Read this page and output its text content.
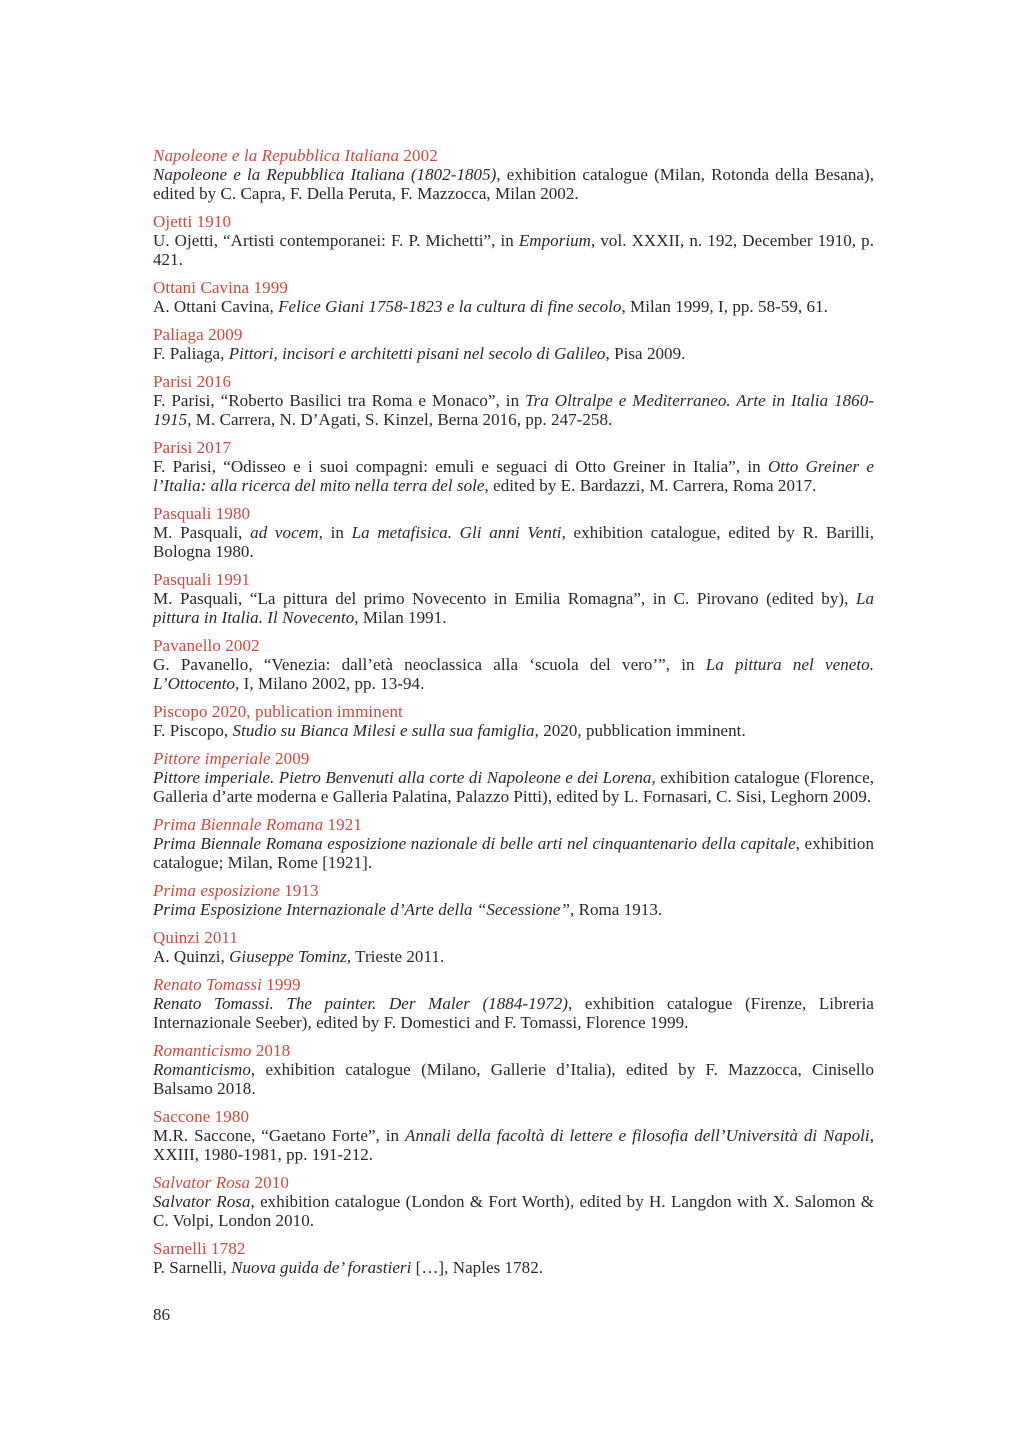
Napoleone e la Repubblica Italiana 2002

Napoleone e la Repubblica Italiana (1802-1805), exhibition catalogue (Milan, Rotonda della Besana), edited by C. Capra, F. Della Peruta, F. Mazzocca, Milan 2002.

Ojetti 1910

U. Ojetti, “Artisti contemporanei: F. P. Michetti”, in Emporium, vol. XXXII, n. 192, December 1910, p. 421.

Ottani Cavina 1999

A. Ottani Cavina, Felice Giani 1758-1823 e la cultura di fine secolo, Milan 1999, I, pp. 58-59, 61.

Paliaga 2009

F. Paliaga, Pittori, incisori e architetti pisani nel secolo di Galileo, Pisa 2009.

Parisi 2016

F. Parisi, “Roberto Basilici tra Roma e Monaco”, in Tra Oltralpe e Mediterraneo. Arte in Italia 1860-1915, M. Carrera, N. D’Agati, S. Kinzel, Berna 2016, pp. 247-258.

Parisi 2017

F. Parisi, “Odisseo e i suoi compagni: emuli e seguaci di Otto Greiner in Italia”, in Otto Greiner e l’Italia: alla ricerca del mito nella terra del sole, edited by E. Bardazzi, M. Carrera, Roma 2017.

Pasquali 1980

M. Pasquali, ad vocem, in La metafisica. Gli anni Venti, exhibition catalogue, edited by R. Barilli, Bologna 1980.

Pasquali 1991

M. Pasquali, “La pittura del primo Novecento in Emilia Romagna”, in C. Pirovano (edited by), La pittura in Italia. Il Novecento, Milan 1991.

Pavanello 2002

G. Pavanello, “Venezia: dall’età neoclassica alla ‘scuola del vero’”, in La pittura nel veneto. L’Ottocento, I, Milano 2002, pp. 13-94.

Piscopo 2020, publication imminent

F. Piscopo, Studio su Bianca Milesi e sulla sua famiglia, 2020, pubblication imminent.

Pittore imperiale 2009

Pittore imperiale. Pietro Benvenuti alla corte di Napoleone e dei Lorena, exhibition catalogue (Florence, Galleria d’arte moderna e Galleria Palatina, Palazzo Pitti), edited by L. Fornasari, C. Sisi, Leghorn 2009.

Prima Biennale Romana 1921

Prima Biennale Romana esposizione nazionale di belle arti nel cinquantenario della capitale, exhibition catalogue; Milan, Rome [1921].

Prima esposizione 1913

Prima Esposizione Internazionale d’Arte della “Secessione”, Roma 1913.

Quinzi 2011

A. Quinzi, Giuseppe Tominz, Trieste 2011.

Renato Tomassi 1999

Renato Tomassi. The painter. Der Maler (1884-1972), exhibition catalogue (Firenze, Libreria Internazionale Seeber), edited by F. Domestici and F. Tomassi, Florence 1999.

Romanticismo 2018

Romanticismo, exhibition catalogue (Milano, Gallerie d’Italia), edited by F. Mazzocca, Cinisello Balsamo 2018.

Saccone 1980

M.R. Saccone, “Gaetano Forte”, in Annali della facoltà di lettere e filosofia dell’Università di Napoli, XXIII, 1980-1981, pp. 191-212.

Salvator Rosa 2010

Salvator Rosa, exhibition catalogue (London & Fort Worth), edited by H. Langdon with X. Salomon & C. Volpi, London 2010.

Sarnelli 1782

P. Sarnelli, Nuova guida de’ forastieri […], Naples 1782.

86
